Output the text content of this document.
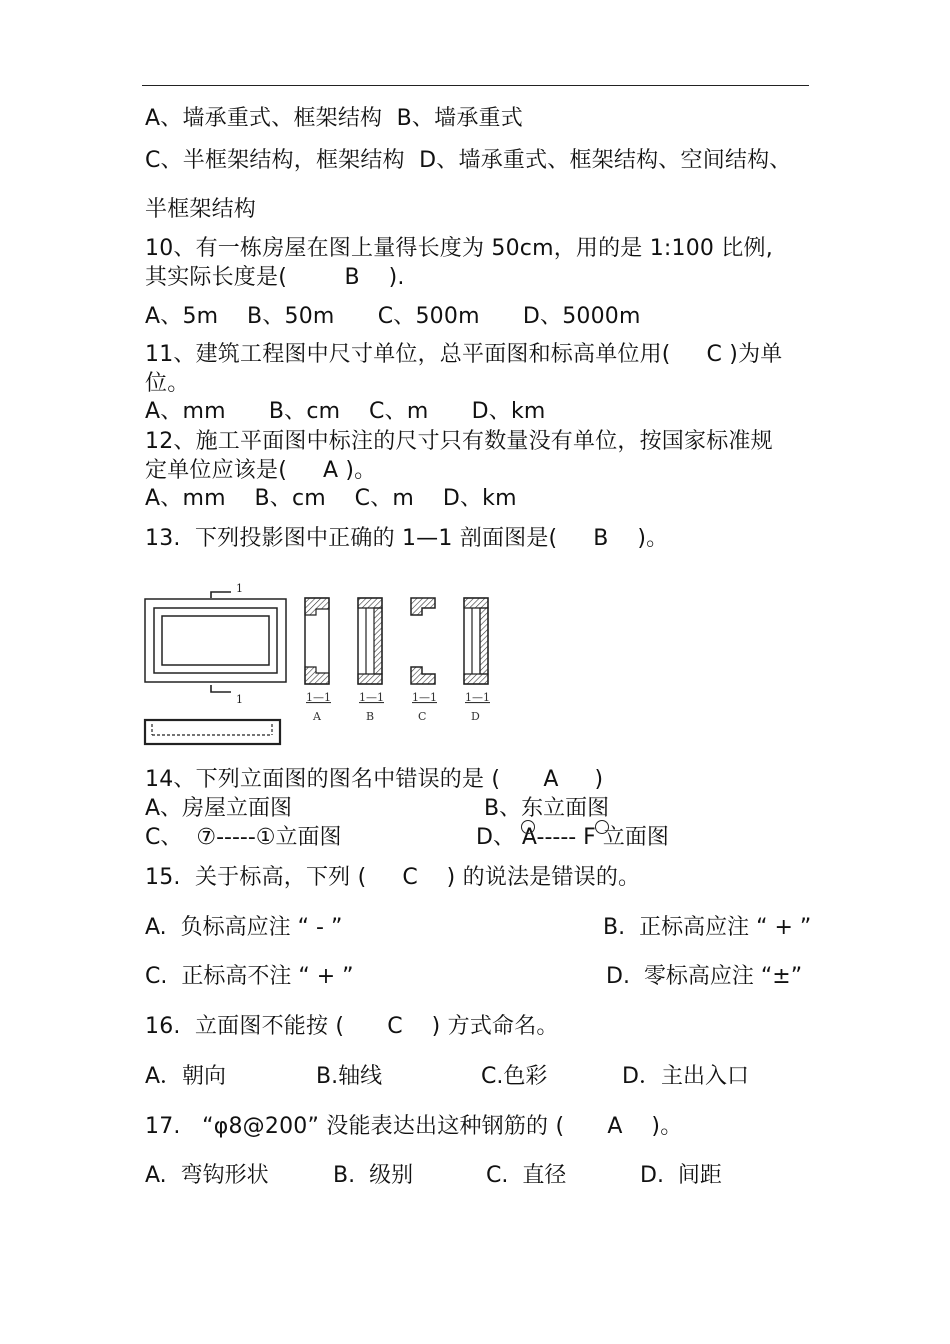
A、墙承重式、框架结构  B、墙承重式
C、半框架结构，框架结构  D、墙承重式、框架结构、空间结构、
半框架结构
10、有一栋房屋在图上量得长度为 50cm，用的是 1:100 比例,
其实际长度是(        B    ).
A、5m    B、50m      C、500m      D、5000m
11、建筑工程图中尺寸单位，总平面图和标高单位用(     C )为单
位。
A、mm      B、cm    C、m      D、km
12、施工平面图中标注的尺寸只有数量没有单位，按国家标准规
定单位应该是(     A )。
A、mm    B、cm    C、m    D、km
13.  下列投影图中正确的 1—1 剖面图是(     B    )。
1
1	1—1	1—1	1—1	1—1
A	B	C	D
14、下列立面图的图名中错误的是 (      A     )
A、房屋立面图	B、东立面图
C、  ⑦-----①立面图	D、 A----- F 立面图
15.  关于标高，下列 (     C    ) 的说法是错误的。
A.  负标高应注 “ - ”	B.  正标高应注 “ + ”
C.  正标高不注 “ + ”	D.  零标高应注 “±”
16.  立面图不能按 (      C    ) 方式命名。
A．朝向	B.轴线	C.色彩	D．主出入口
17.   “φ8@200” 没能表达出这种钢筋的 (      A    )。
A.  弯钩形状	B.  级别	C.  直径	D.  间距
